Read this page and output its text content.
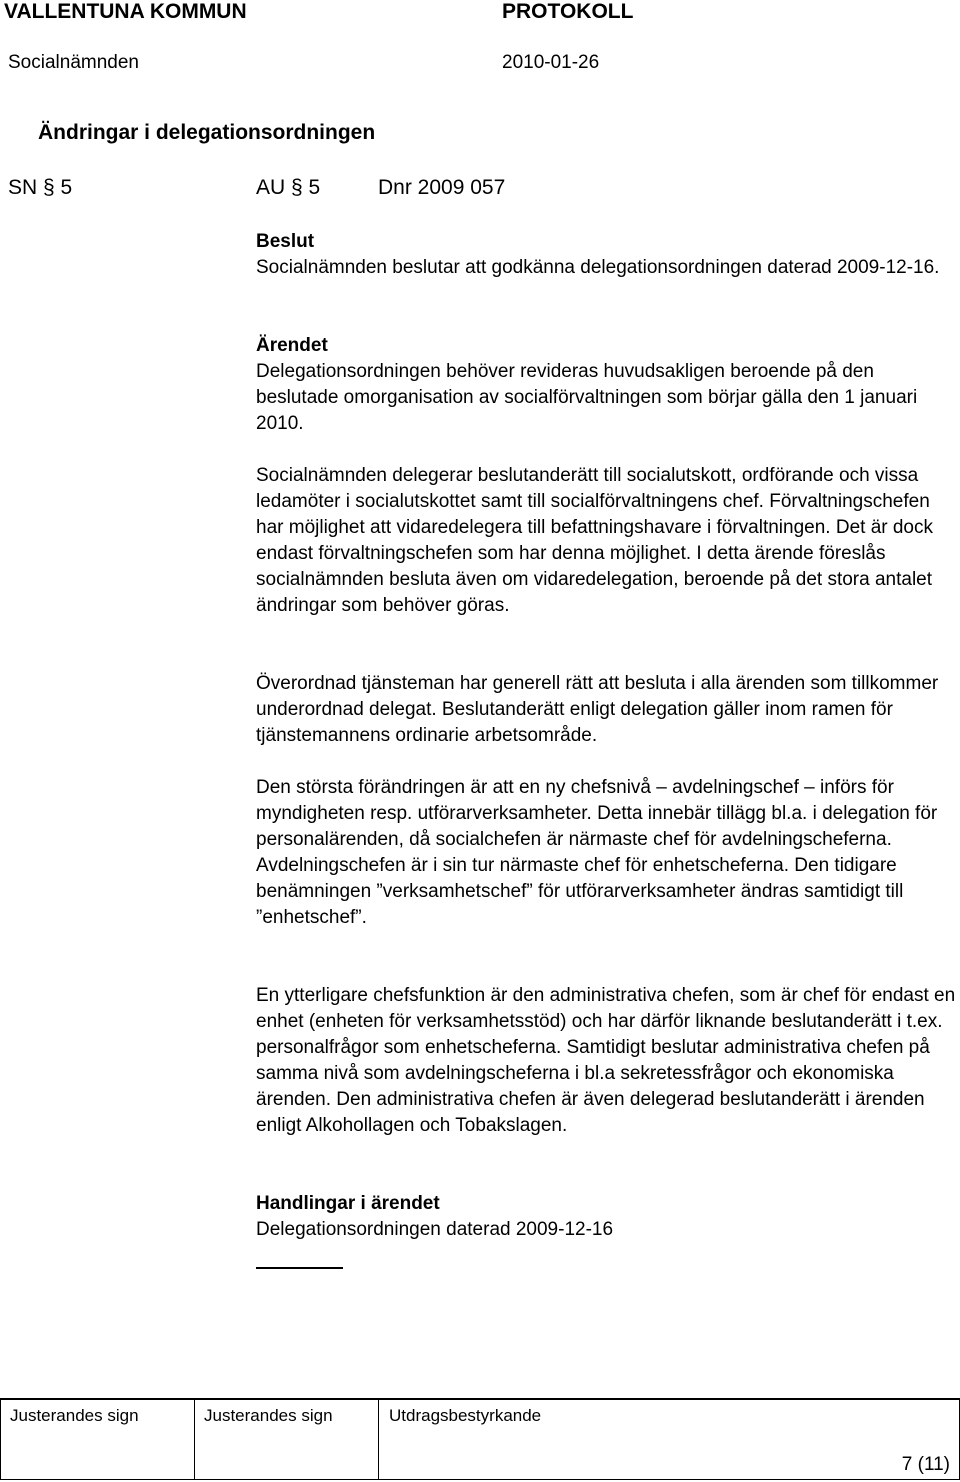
VALLENTUNA KOMMUN	PROTOKOLL
Socialnämnden	2010-01-26
Ändringar i delegationsordningen
SN § 5	AU § 5	Dnr 2009 057

Beslut

Socialnämnden beslutar att godkänna delegationsordningen daterad 2009-12-16.

Ärendet

Delegationsordningen behöver revideras huvudsakligen beroende på den beslutade omorganisation av socialförvaltningen som börjar gälla den 1 januari 2010.

Socialnämnden delegerar beslutanderätt till socialutskott, ordförande och vissa ledamöter i socialutskottet samt till socialförvaltningens chef. Förvaltningschefen har möjlighet att vidaredelegera till befattningshavare i förvaltningen. Det är dock endast förvaltningschefen som har denna möjlighet. I detta ärende föreslås socialnämnden besluta även om vidaredelegation, beroende på det stora antalet ändringar som behöver göras.
Överordnad tjänsteman har generell rätt att besluta i alla ärenden som tillkommer underordnad delegat. Beslutanderätt enligt delegation gäller inom ramen för tjänstemannens ordinarie arbetsområde.
Den största förändringen är att en ny chefsnivå – avdelningschef – införs för myndigheten resp. utförarverksamheter. Detta innebär tillägg bl.a. i delegation för personalärenden, då socialchefen är närmaste chef för avdelningscheferna. Avdelningschefen är i sin tur närmaste chef för enhetscheferna. Den tidigare benämningen ”verksamhetschef” för utförarverksamheter ändras samtidigt till ”enhetschef”.
En ytterligare chefsfunktion är den administrativa chefen, som är chef för endast en enhet (enheten för verksamhetsstöd) och har därför liknande beslutanderätt i t.ex. personalfrågor som enhetscheferna. Samtidigt beslutar administrativa chefen på samma nivå som avdelningscheferna i bl.a sekretessfrågor och ekonomiska ärenden. Den administrativa chefen är även delegerad beslutanderätt i ärenden enligt Alkohollagen och Tobakslagen.

Handlingar i ärendet

Delegationsordningen daterad 2009-12-16

Justerandes sign	Justerandes sign	Utdragsbestyrkande
7 (11)
